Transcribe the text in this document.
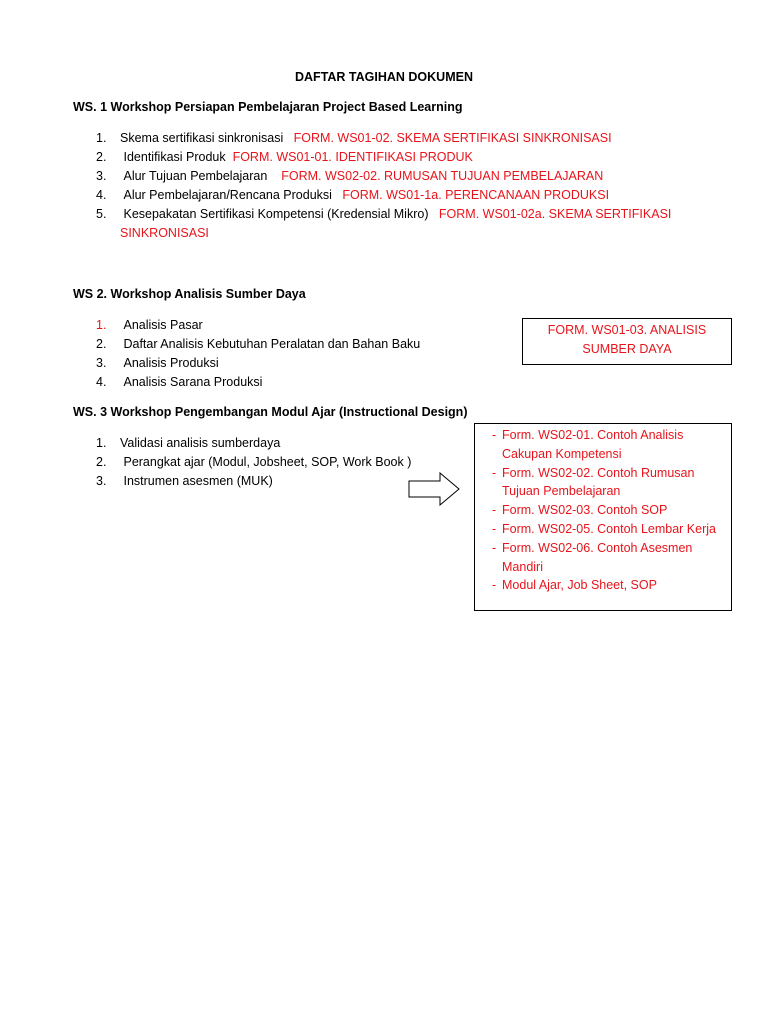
DAFTAR TAGIHAN DOKUMEN
WS. 1 Workshop Persiapan Pembelajaran Project Based Learning
1. Skema sertifikasi sinkronisasi FORM. WS01-02. SKEMA SERTIFIKASI SINKRONISASI
2. Identifikasi Produk FORM. WS01-01. IDENTIFIKASI PRODUK
3. Alur Tujuan Pembelajaran FORM. WS02-02. RUMUSAN TUJUAN PEMBELAJARAN
4. Alur Pembelajaran/Rencana Produksi FORM. WS01-1a. PERENCANAAN PRODUKSI
5. Kesepakatan Sertifikasi Kompetensi (Kredensial Mikro) FORM. WS01-02a. SKEMA SERTIFIKASI
SINKRONISASI
WS 2. Workshop Analisis Sumber Daya
1. Analisis Pasar
2. Daftar Analisis Kebutuhan Peralatan dan Bahan Baku
3. Analisis Produksi
4. Analisis Sarana Produksi
FORM. WS01-03. ANALISIS
SUMBER DAYA
WS. 3 Workshop Pengembangan Modul Ajar (Instructional Design)
1. Validasi analisis sumberdaya
2. Perangkat ajar (Modul, Jobsheet, SOP, Work Book )
3. Instrumen asesmen (MUK)
- Form. WS02-01. Contoh Analisis Cakupan Kompetensi
- Form. WS02-02. Contoh Rumusan Tujuan Pembelajaran
- Form. WS02-03. Contoh SOP
- Form. WS02-05. Contoh Lembar Kerja
- Form. WS02-06. Contoh Asesmen Mandiri
- Modul Ajar, Job Sheet, SOP
